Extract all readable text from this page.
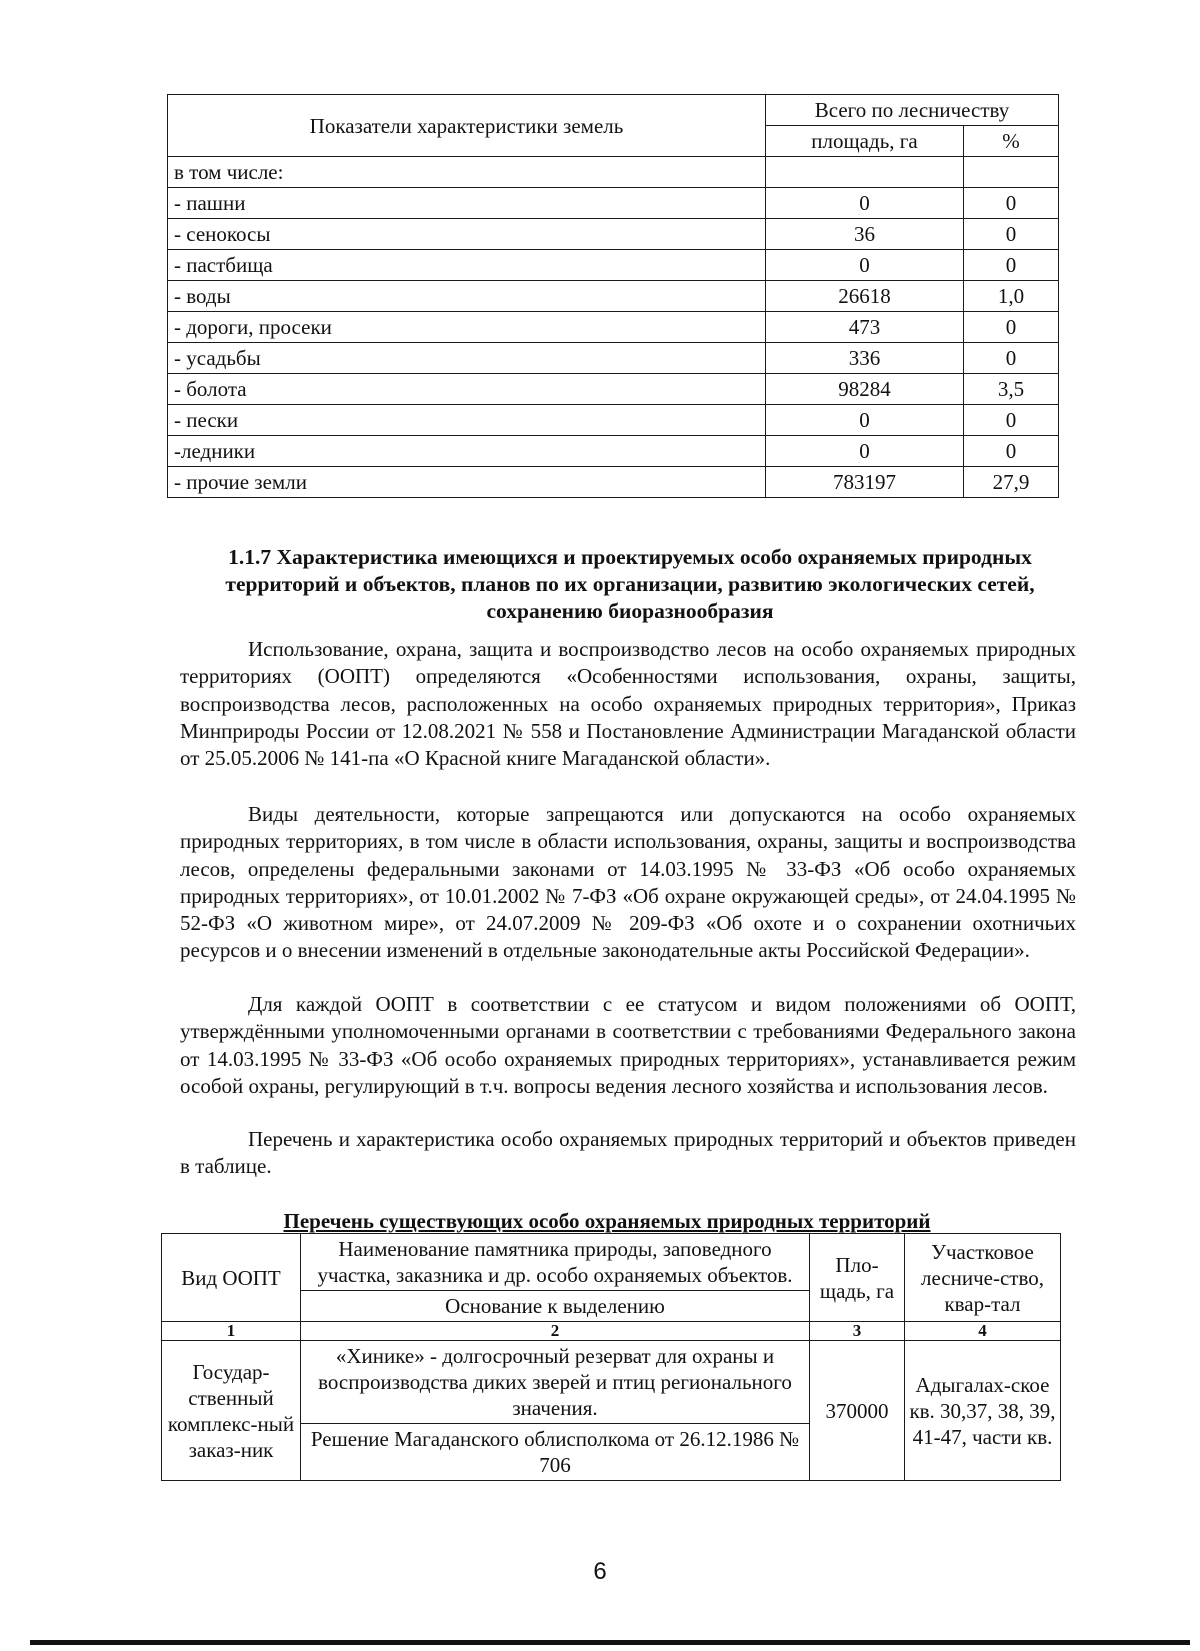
Показатели характеристики земель	Всего по лесничеству	
	площадь, га	%
в том числе:		
- пашни	0	0
- сенокосы	36	0
- пастбища	0	0
- воды	26618	1,0
- дороги, просеки	473	0
- усадьбы	336	0
- болота	98284	3,5
- пески	0	0
-ледники	0	0
- прочие земли	783197	27,9
1.1.7 Характеристика имеющихся и проектируемых особо охраняемых природных
территорий и объектов, планов по их организации, развитию экологических сетей,
сохранению биоразнообразия
Использование, охрана, защита и воспроизводство лесов на особо охраняемых природных территориях (ООПТ) определяются «Особенностями использования, охраны, защиты, воспроизводства лесов, расположенных на особо охраняемых природных территория», Приказ Минприроды России от 12.08.2021 № 558 и Постановление Администрации Магаданской области от 25.05.2006 № 141-па «О Красной книге Магаданской области».
Виды деятельности, которые запрещаются или допускаются на особо охраняемых природных территориях, в том числе в области использования, охраны, защиты и воспроизводства лесов, определены федеральными законами от 14.03.1995 № 33-ФЗ «Об особо охраняемых природных территориях», от 10.01.2002 № 7-ФЗ «Об охране окружающей среды», от 24.04.1995 № 52-ФЗ «О животном мире», от 24.07.2009 № 209-ФЗ «Об охоте и о сохранении охотничьих ресурсов и о внесении изменений в отдельные законодательные акты Российской Федерации».
Для каждой ООПТ в соответствии с ее статусом и видом положениями об ООПТ, утверждёнными уполномоченными органами в соответствии с требованиями Федерального закона от 14.03.1995 № 33-ФЗ «Об особо охраняемых природных территориях», устанавливается режим особой охраны, регулирующий в т.ч. вопросы ведения лесного хозяйства и использования лесов.
Перечень и характеристика особо охраняемых природных территорий и объектов приведен в таблице.
Перечень существующих особо охраняемых природных территорий
Вид ООПТ	Наименование памятника природы, заповедного участка, заказника и др. особо охраняемых объектов.	Пло-щадь, га	Участковое лесниче-ство, квар-тал
	Основание к выделению		
1	2	3	4
Государ-ственный комплекс-ный заказ-ник	«Хинике» - долгосрочный резерват для охраны и воспроизводства диких зверей и птиц регионального значения.	370000	Адыгалах-ское кв. 30,37, 38, 39, 41-47, части кв.
	Решение Магаданского облисполкома от 26.12.1986 № 706		
6
